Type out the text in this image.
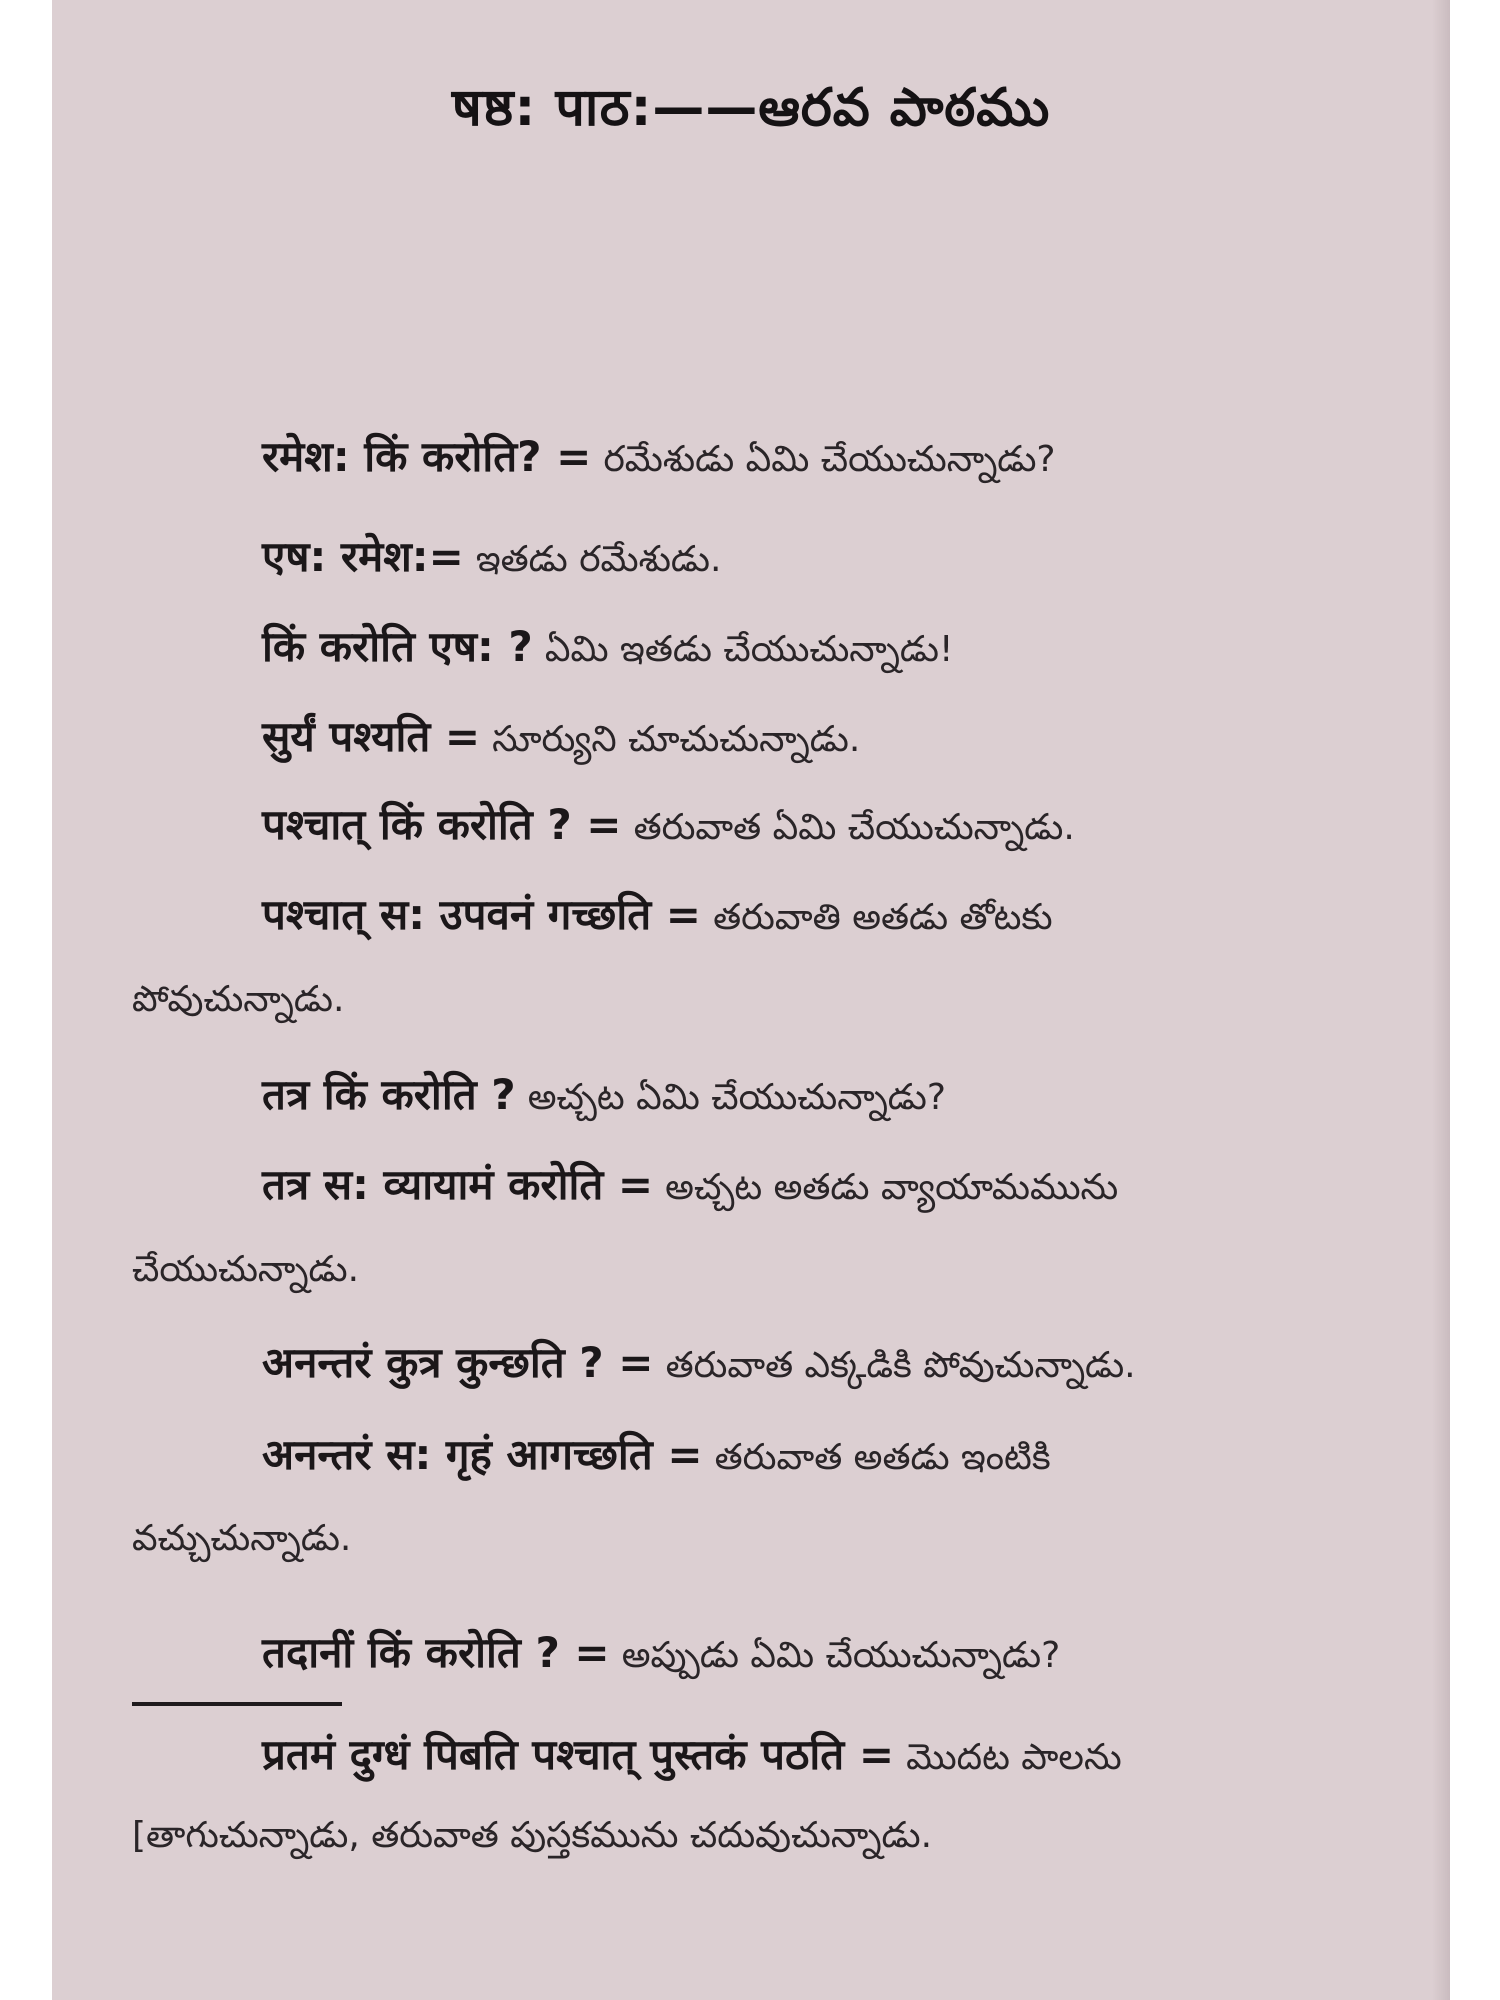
षष्ठ: पाठ:——ఆరవ పాఠము
रमेश: किं करोति? = రమేశుడు ఏమి చేయుచున్నాడు?
एष: रमेश:= ఇతడు రమేశుడు.
किं करोति एष: ? ఏమి ఇతడు చేయుచున్నాడు!
सुर्यं पश्यति = సూర్యుని చూచుచున్నాడు.
पश्चात् किं करोति ? = తరువాత ఏమి చేయుచున్నాడు.
पश्चात् स: उपवनं गच्छति = తరువాతి అతడు తోటకు
పోవుచున్నాడు.
तत्र किं करोति ? అచ్చట ఏమి చేయుచున్నాడు?
तत्र स: व्यायामं करोति = అచ్చట అతడు వ్యాయామమును
చేయుచున్నాడు.
अनन्तरं कुत्र कुन्छति ? = తరువాత ఎక్కడికి పోవుచున్నాడు.
अनन्तरं स: गृहं आगच्छति = తరువాత అతడు ఇంటికి
వచ్చుచున్నాడు.
तदानीं किं करोति ? = అప్పుడు ఏమి చేయుచున్నాడు?
प्रतमं दुग्धं पिबति पश्चात् पुस्तकं पठति = మొదట పాలను
[తాగుచున్నాడు, తరువాత పుస్తకమును చదువుచున్నాడు.
